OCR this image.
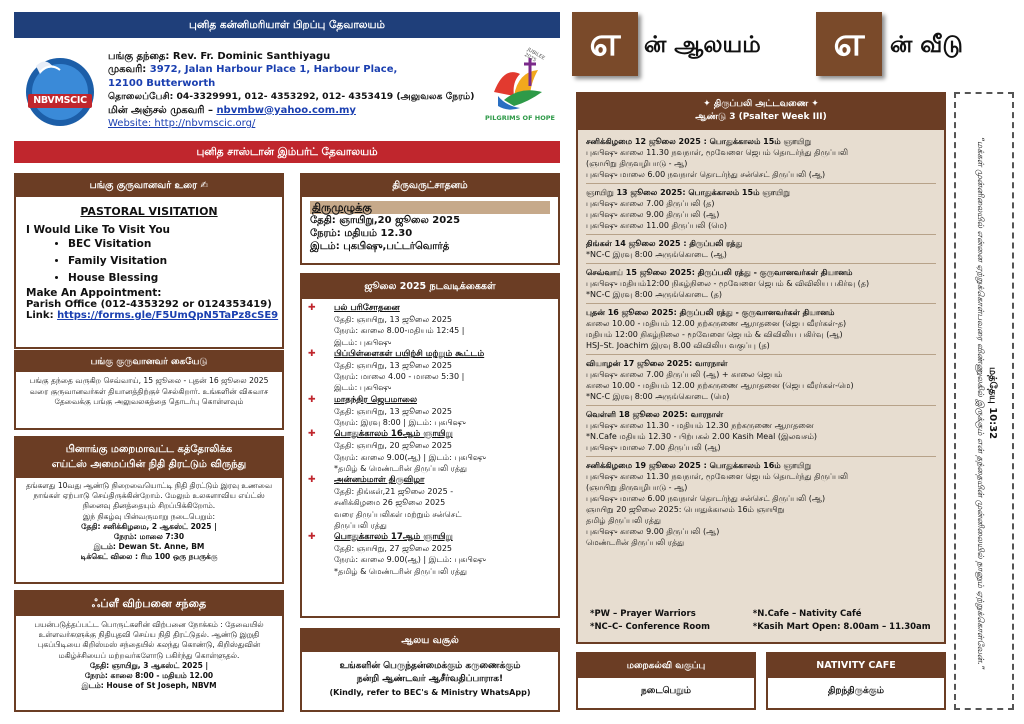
புனித கன்னிமரியாள் பிறப்பு தேவாலயம்
NBVMSCIC
பங்கு தந்தை: Rev. Fr. Dominic Santhiyagu
முகவரி: 3972, Jalan Harbour Place 1, Harbour Place,
12100 Butterworth
தொலைப்பேசி: 04-3329991, 012- 4353292, 012- 4353419 (அலுவலக நேரம்)
மின் அஞ்சல் முகவரி – nbvmbw@yahoo.com.my
Website: http://nbvmscic.org/
JUBILEE 2025
PILGRIMS OF HOPE
புனித சாஸ்டான் இம்பர்ட் தேவாலயம்
எ	ன் ஆலயம்	எ	ன் வீடு
பங்கு குருவானவர் உரை ✍
PASTORAL VISITATION
I Would Like To Visit You
• BEC Visitation
• Family Visitation
• House Blessing
Make An Appointment:
Parish Office (012-4353292 or 0124353419)
Link: https://forms.gle/F5UmQpN5TaPz8cSE9
பங்கு குருவானவர் கையேடு
பங்கு தந்தை வருகிற செவ்வாய், 15 ஜூலை - புதன் 16 ஜூலை 2025 வரை குருவானவர்கள் தியானத்திற்குச் செல்கிறார். உங்களின் விசுவாச தேவைக்கு பங்கு அலுவலகத்தை தொடர்பு கொள்ளவும்
பினாங்கு மறைமாவட்ட கத்தோலிக்க
எய்ட்ஸ் அமைப்பின் நிதி திரட்டும் விருந்து
தங்களது 10வது ஆண்டு நிறைவையொட்டி நிதி திரட்டும் இரவு உணவை நாங்கள் ஏற்பாடு செய்திருக்கின்றோம். மேலும் உலகளாவிய எய்ட்ஸ் நினைவு தினத்தையும் சிறப்பிக்கிறோம்.
இந் நிகழ்வு பின்வருமாறு நடைபெறும்:
தேதி: சனிக்கிழமை, 2 ஆகஸ்ட் 2025 |
நேரம்: மாலை 7:30
இடம்: Dewan St. Anne, BM
டிக்கெட் விலை : ரிம 100 ஒரு நபருக்கு
ஃப்ளீ விற்பனை சந்தை
பயன்படுத்தப்பட்ட பொருட்களின் விற்பனை நோக்கம் : தேவையில் உள்ளவர்களுக்கு நிதியுதவி செய்ய நிதி திரட்டுதல். ஆண்டு இறுதி புகப்பிடியை கிறிஸ்மஸ் சந்தையில் கலந்து கொண்டு, கிறிஸ்துவின் மகிழ்ச்சியைப் மற்றவர்களோடு பகிர்ந்து கொள்ளுதல்.
தேதி: ஞாயிறு, 3 ஆகஸ்ட் 2025 |
நேரம்: காலை 8:00 - மதியம் 12.00
இடம்: House of St Joseph, NBVM
திருவருட்சாதனம்
திருமுழுக்கு
தேதி: ஞாயிறு,20 ஜூலை 2025
நேரம்: மதியம் 12.30
இடம்: புகபிஷு,பட்டர்வொர்த்
ஜூலை 2025 நடவடிக்கைகள்
✚ பல் பரிசோதனை
தேதி: ஞாயிறு, 13 ஜூலை 2025
நேரம்: காலை 8.00-மதியம் 12:45 |
இடம்: புகபிஷு
✚ பிப்பிள்ளைகள் பயிற்சி மற்றும் கூட்டம்
தேதி: ஞாயிறு, 13 ஜூலை 2025
நேரம்: மாலை 4.00 - மாலை 5:30 |
இடம்: புகபிஷு
✚ மாதந்திர ஜெபமாலை
தேதி: ஞாயிறு, 13 ஜூலை 2025
நேரம்: இரவு 8:00 | இடம்: புகபிஷு
✚ பொதுக்காலம் 16ஆம் ஞாயிறு
தேதி: ஞாயிறு, 20 ஜூலை 2025
நேரம்: காலை 9.00(ஆ) | இடம்: புகபிஷு
*தமிழ் & மெண்டரின் திருப்பலி ரத்து
✚ அன்னம்மாள் திருவிழா
தேதி: திங்கள்,21 ஜூலை 2025 -
சனிக்கிழமை 26 ஜூலை 2025
வரை திருப்பலிகள் மற்றும் சன்செட்
திருப்பலி ரத்து
✚ பொதுக்காலம் 17ஆம் ஞாயிறு
தேதி: ஞாயிறு, 27 ஜூலை 2025
நேரம்: காலை 9.00(ஆ) | இடம்: புகபிஷு
*தமிழ் & மெண்டரின் திருப்பலி ரத்து
ஆலய வசூல்
உங்களின் பெருந்தன்மைக்கும் கருணைக்கும்
நன்றி ஆண்டவர் ஆசீர்வதிப்பாராக!
(Kindly, refer to BEC's & Ministry WhatsApp)
✦ திருப்பலி அட்டவணை ✦
ஆண்டு 3 (Psalter Week III)
சனிக்கிழமை 12 ஜூலை 2025 : பொதுக்காலம் 15ம் ஞாயிறு
புகபிஷு காலை 11.30 நவநாள், மூவேளை ஜெபம் தொடர்ந்து திருப்பலி
(ஞாயிறு திருவழிபாடு - ஆ)
புகபிஷு மாலை 6.00 நவநாள் தொடர்ந்து சன்செட் திருப்பலி (ஆ)
ஞாயிறு 13 ஜூலை 2025: பொதுக்காலம் 15ம் ஞாயிறு
புகபிஷு காலை 7.00 திருப்பலி (த)
புகபிஷு காலை 9.00 திருப்பலி (ஆ)
புகபிஷு காலை 11.00 திருப்பலி (மெ)
திங்கள் 14 ஜூலை 2025 : திருப்பலி ரத்து
*NC-C இரவு 8:00 அருங்கொடை (ஆ)
செவ்வாய் 15 ஜூலை 2025: திருப்பலி ரத்து - குருவானவர்கள் தியானம்
புகபிஷு மதியம்12:00 நிகழ்நிலை - மூவேளை ஜெபம் & விவிலிய பகிர்வு (த)
*NC-C இரவு 8:00 அருங்கொடை (த)
புதன் 16 ஜூலை 2025: திருப்பலி ரத்து - குருவானவர்கள் தியானம்
காலை 10.00 - மதியம் 12.00 நற்கருணை ஆராதனை (ஜெப வீரர்கள்-த)
மதியம் 12:00 நிகழ்நிலை - மூவேளை ஜெபம் & விவிலிய பகிர்வு (ஆ)
HSJ–St. Joachim இரவு 8.00 விவிலிய வகுப்பு (த)
வியாழன் 17 ஜூலை 2025: வாரநாள்
புகபிஷு காலை 7.00 திருப்பலி (ஆ) + காலை ஜெபம்
காலை 10.00 - மதியம் 12.00 நற்கருணை ஆராதனை (ஜெப வீரர்கள்-மெ)
*NC-C இரவு 8:00 அருங்கொடை (மெ)
வெள்ளி 18 ஜூலை 2025: வாரநாள்
புகபிஷு காலை 11.30 - மதியம் 12.30 நற்கருணை ஆராதனை
*N.Cafe மதியம் 12.30 - பிற்பகல் 2.00 Kasih Meal (இலவசம்)
புகபிஷு மாலை 7.00 திருப்பலி (ஆ)
சனிக்கிழமை 19 ஜூலை 2025 : பொதுக்காலம் 16ம் ஞாயிறு
புகபிஷு காலை 11.30 நவநாள், மூவேளை ஜெபம் தொடர்ந்து திருப்பலி
(ஞாயிறு திருவழிபாடு - ஆ)
புகபிஷு மாலை 6.00 நவநாள் தொடர்ந்து சன்செட் திருப்பலி (ஆ)
ஞாயிறு 20 ஜூலை 2025: பொதுக்காலம் 16ம் ஞாயிறு
தமிழ் திருப்பலி ரத்து
புகபிஷு காலை 9.00 திருப்பலி (ஆ)
மெண்டரின் திருப்பலி ரத்து
*PW – Prayer Warriors	*N.Cafe – Nativity Café
*NC–C– Conference Room	*Kasih Mart Open: 8.00am – 11.30am
மறைகல்வி வகுப்பு
நடைபெறும்
NATIVITY CAFE
திறந்திருக்கும்
மத்தேயு 10:32
“மக்கள் முன்னிலையில் என்னை ஏற்றுக்கொள்பவரை விண்ணுலகில் இருக்கும் என் தந்தையின் முன்னிலையில் நானும் ஏற்றுக்கொள்வேன்.”
